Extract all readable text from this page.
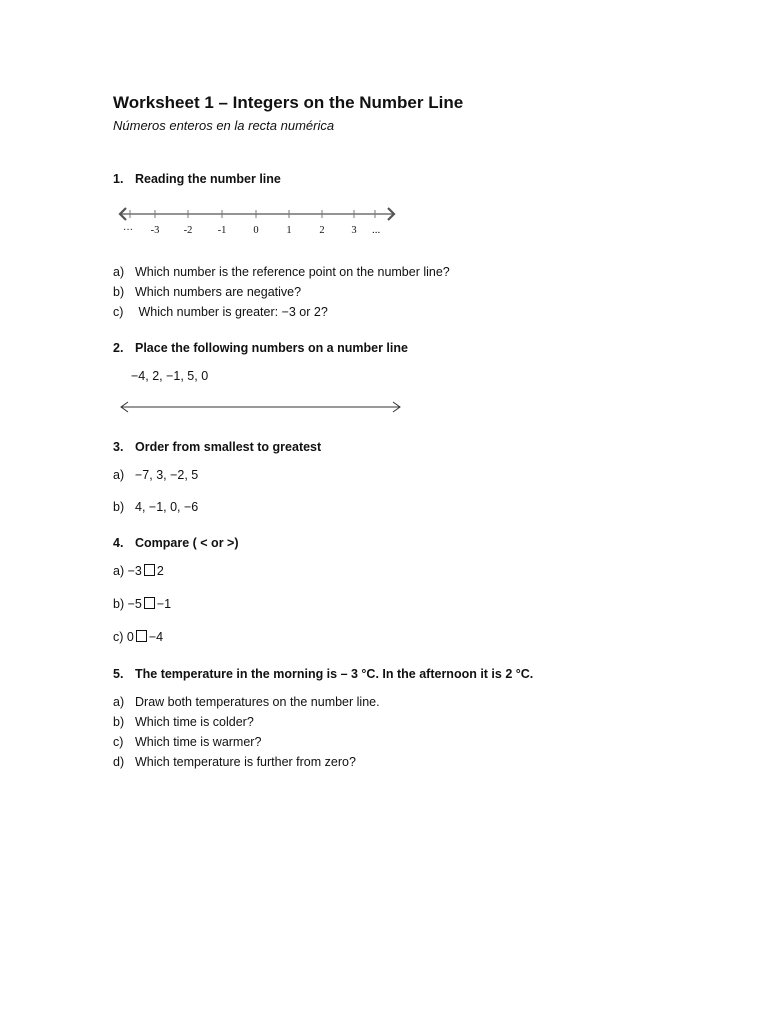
Worksheet 1 – Integers on the Number Line
Números enteros en la recta numérica
1. Reading the number line
··· -3 -2 -1	0	1	2	3 ...
a) Which number is the reference point on the number line?
b) Which numbers are negative?
c) Which number is greater: −3 or 2?
2. Place the following numbers on a number line
−4, 2, −1, 5, 0
3. Order from smallest to greatest
a) −7, 3, −2, 5
b) 4, −1, 0, −6
4. Compare ( < or >)
a) −3 2
b) −5 −1
c) 0 −4
5. The temperature in the morning is – 3 °C. In the afternoon it is 2 °C.
a) Draw both temperatures on the number line.
b) Which time is colder?
c) Which time is warmer?
d) Which temperature is further from zero?
